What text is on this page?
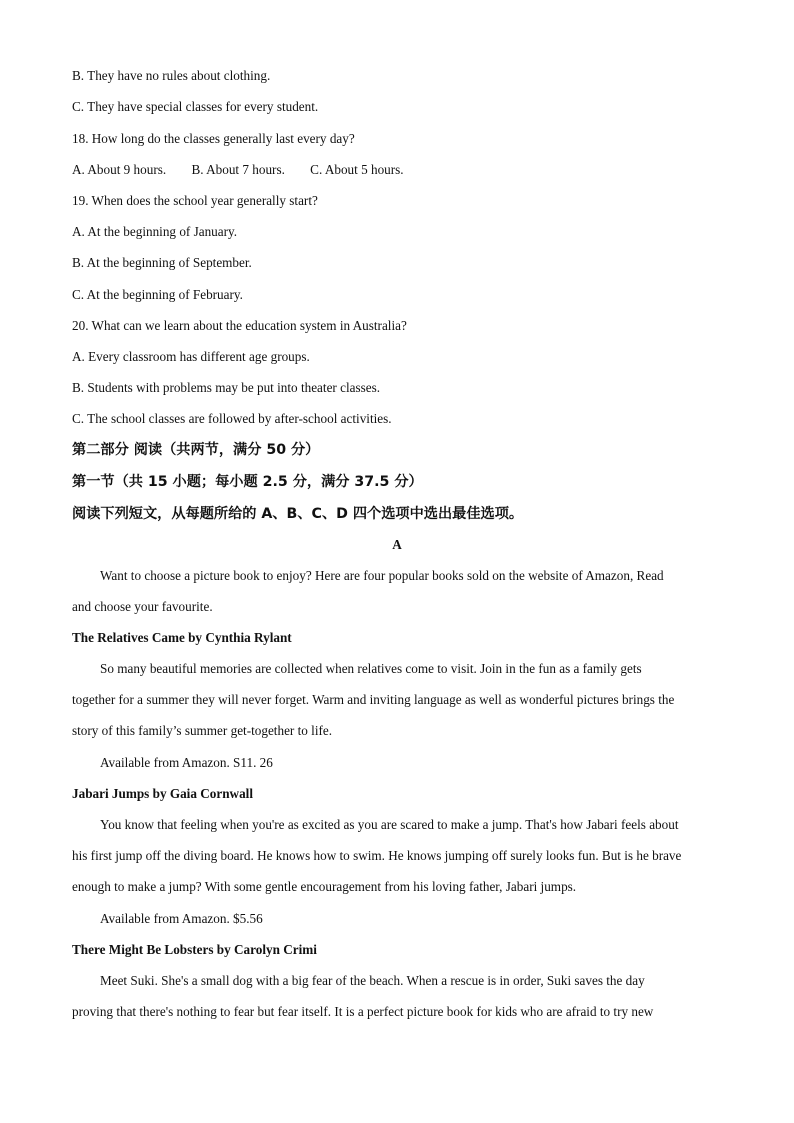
B. They have no rules about clothing.
C. They have special classes for every student.
18. How long do the classes generally last every day?
A. About 9 hours. B. About 7 hours. C. About 5 hours.
19. When does the school year generally start?
A. At the beginning of January.
B. At the beginning of September.
C. At the beginning of February.
20. What can we learn about the education system in Australia?
A. Every classroom has different age groups.
B. Students with problems may be put into theater classes.
C. The school classes are followed by after-school activities.
第二部分 阅读（共两节，满分 50 分）
第一节（共 15 小题；每小题 2.5 分，满分 37.5 分）
阅读下列短文，从每题所给的 A、B、C、D 四个选项中选出最佳选项。
A
Want to choose a picture book to enjoy? Here are four popular books sold on the website of Amazon, Read
and choose your favourite.
The Relatives Came by Cynthia Rylant
So many beautiful memories are collected when relatives come to visit. Join in the fun as a family gets
together for a summer they will never forget. Warm and inviting language as well as wonderful pictures brings the
story of this family’s summer get-together to life.
Available from Amazon. S11. 26
Jabari Jumps by Gaia Cornwall
You know that feeling when you're as excited as you are scared to make a jump. That's how Jabari feels about
his first jump off the diving board. He knows how to swim. He knows jumping off surely looks fun. But is he brave
enough to make a jump? With some gentle encouragement from his loving father, Jabari jumps.
Available from Amazon. $5.56
There Might Be Lobsters by Carolyn Crimi
Meet Suki. She's a small dog with a big fear of the beach. When a rescue is in order, Suki saves the day
proving that there's nothing to fear but fear itself. It is a perfect picture book for kids who are afraid to try new
